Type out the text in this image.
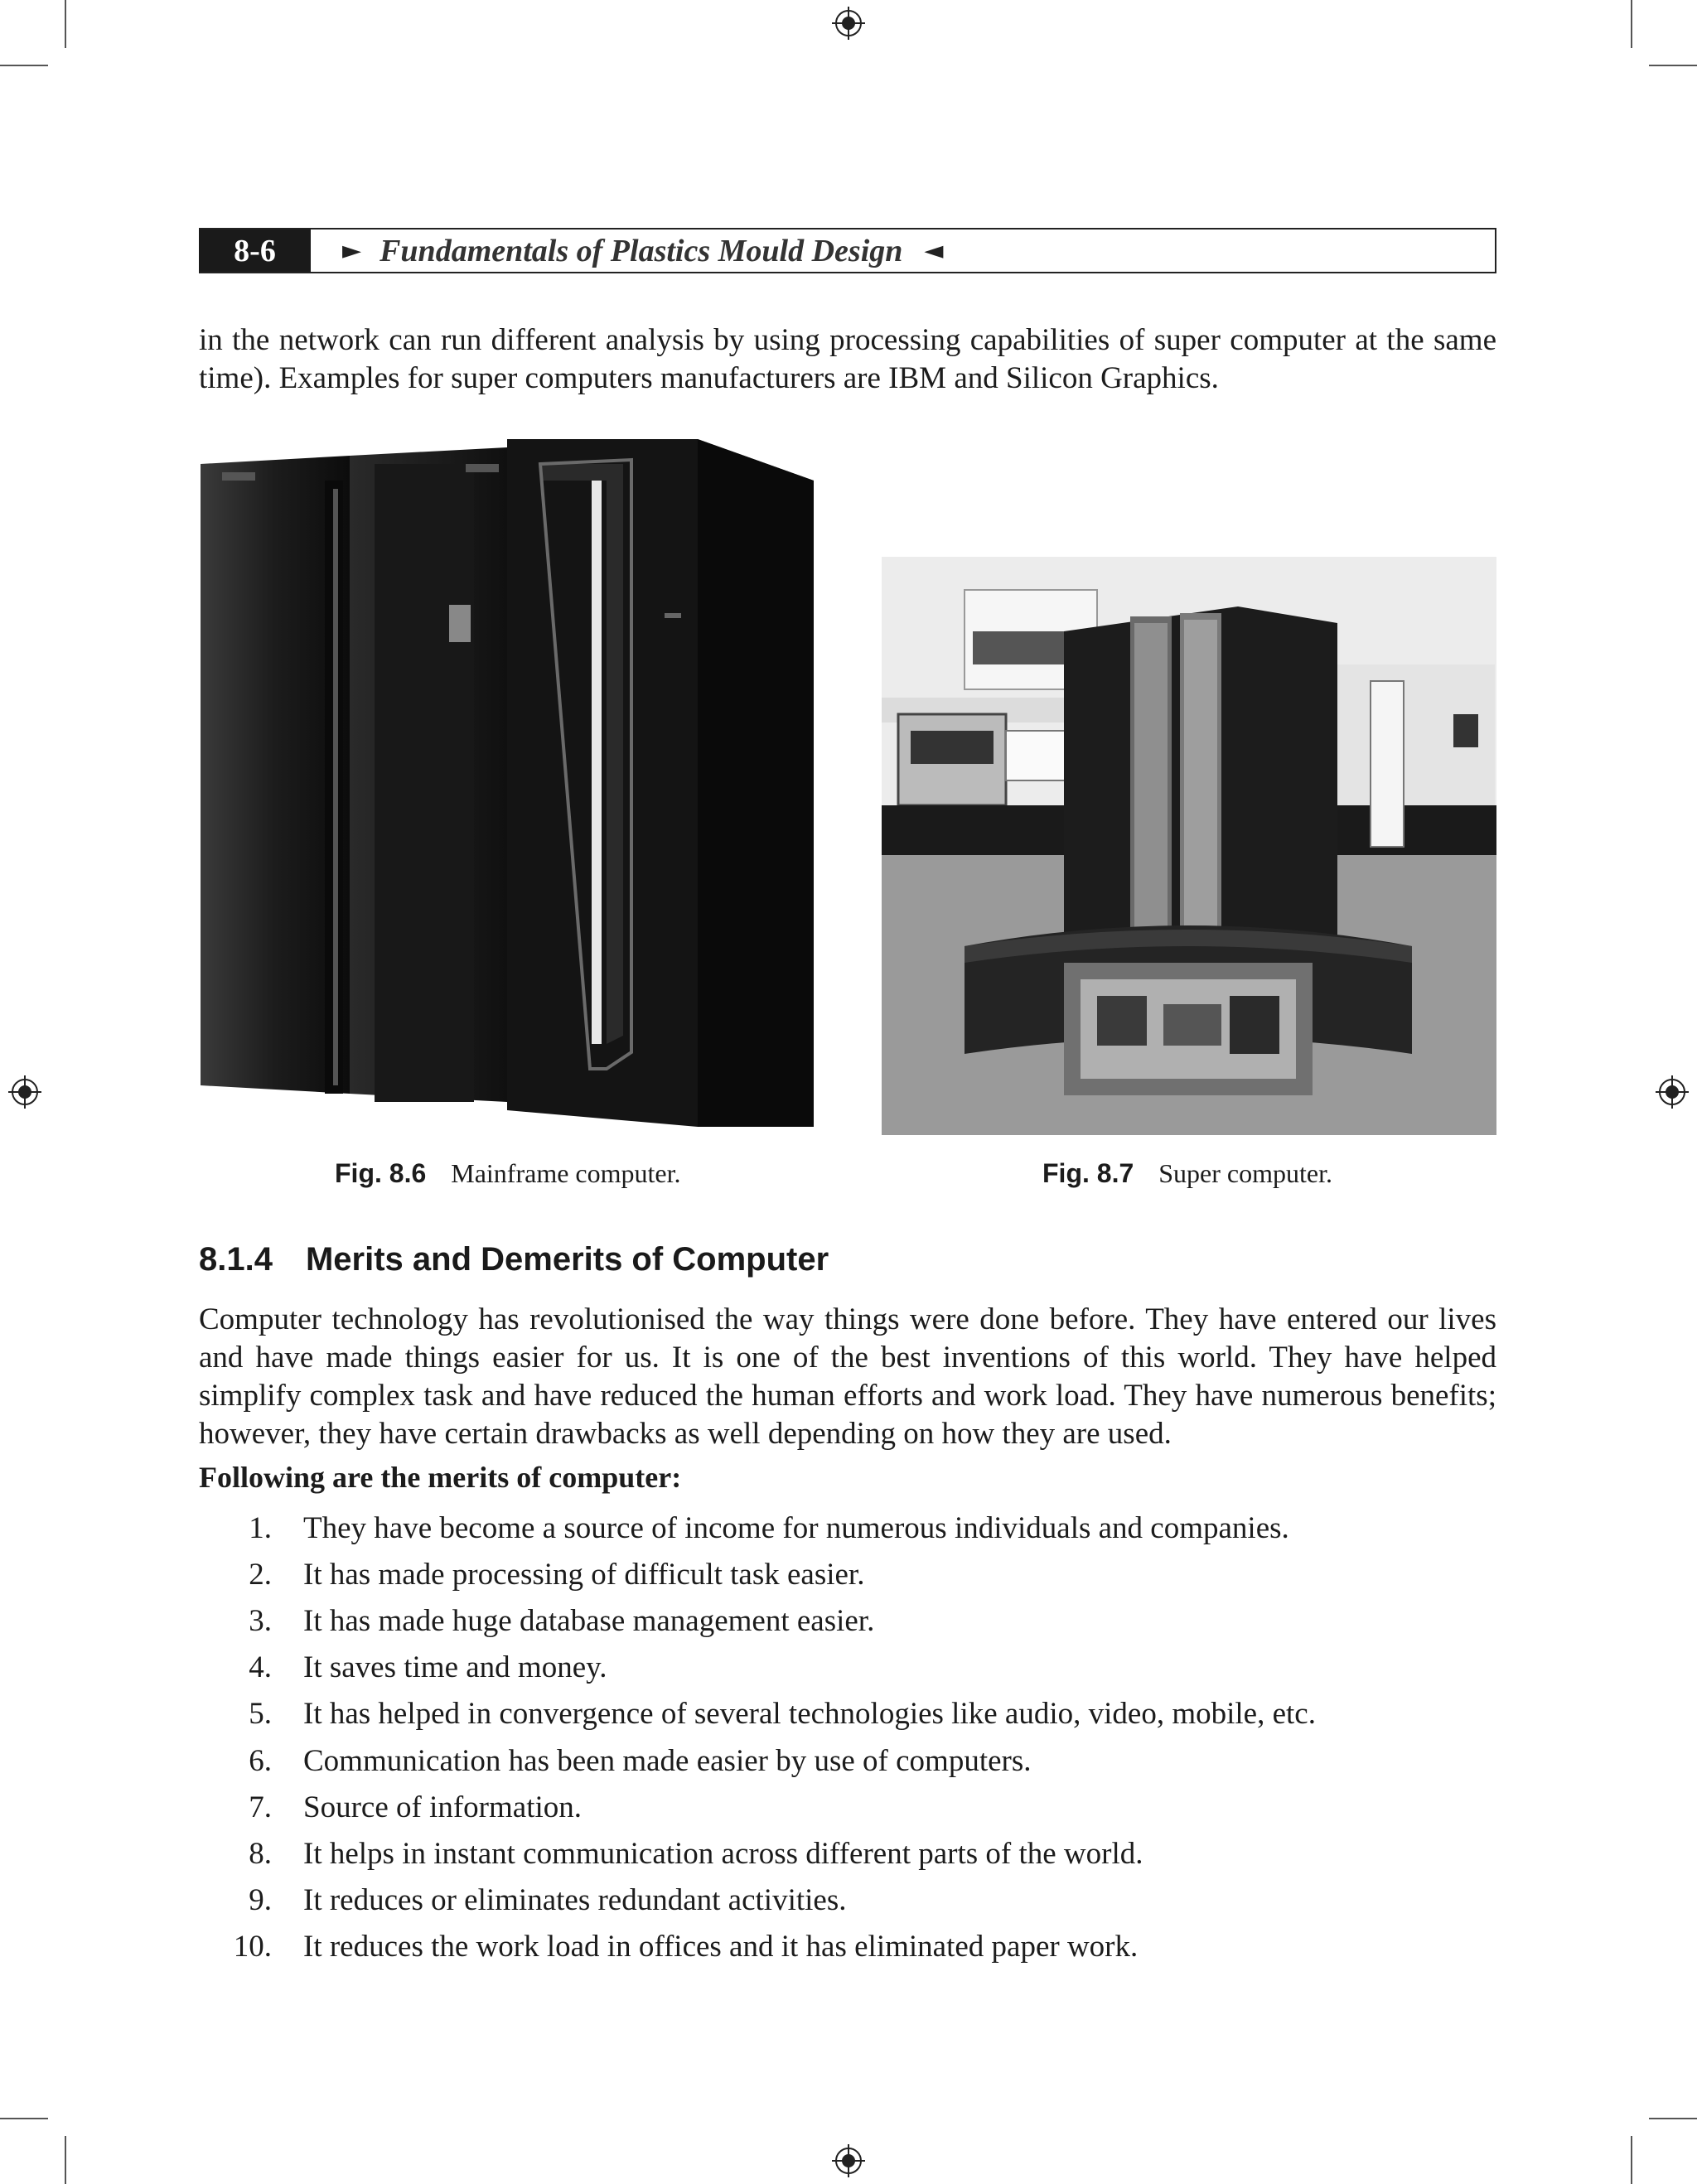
8-6	► Fundamentals of Plastics Mould Design ◄

in the network can run different analysis by using processing capabilities of super computer at the same time). Examples for super computers manufacturers are IBM and Silicon Graphics.

Fig. 8.6 Mainframe computer.	Fig. 8.7 Super computer.
8.1.4 Merits and Demerits of Computer

Computer technology has revolutionised the way things were done before. They have entered our lives and have made things easier for us. It is one of the best inventions of this world. They have helped simplify complex task and have reduced the human efforts and work load. They have numerous benefits; however, they have certain drawbacks as well depending on how they are used.

Following are the merits of computer:
1.	They have become a source of income for numerous individuals and companies.
2.	It has made processing of difficult task easier.
3.	It has made huge database management easier.
4.	It saves time and money.
5.	It has helped in convergence of several technologies like audio, video, mobile, etc.
6.	Communication has been made easier by use of computers.
7.	Source of information.
8.	It helps in instant communication across different parts of the world.
9.	It reduces or eliminates redundant activities.
10.	It reduces the work load in offices and it has eliminated paper work.
